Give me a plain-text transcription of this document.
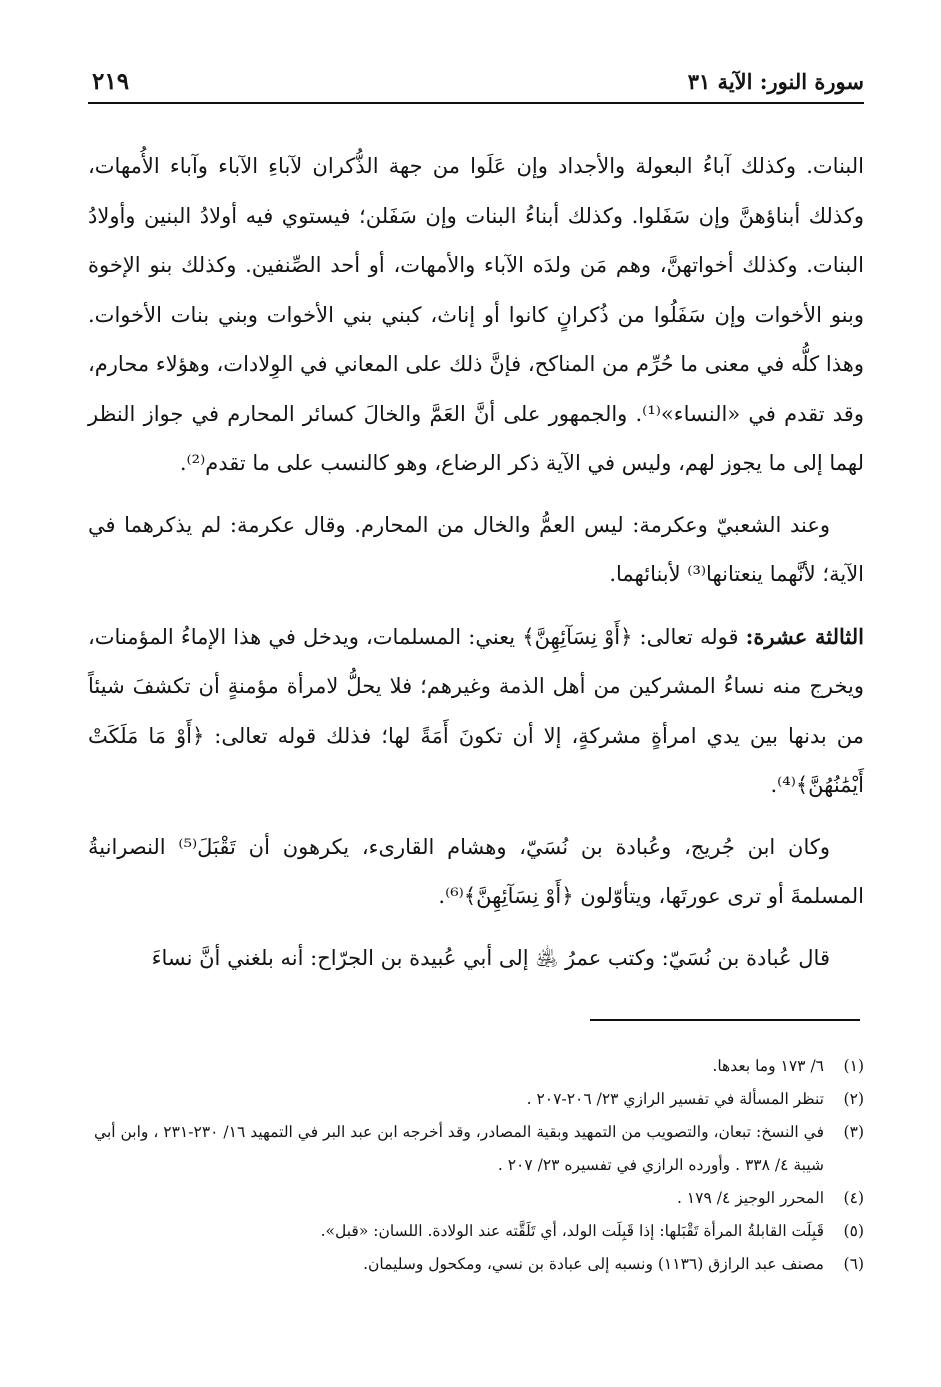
سورة النور: الآية ٣١
٢١٩

البنات. وكذلك آباءُ البعولة والأجداد وإن عَلَوا من جهة الذُّكران لآباءِ الآباء وآباء الأُمهات، وكذلك أبناؤهنَّ وإن سَفَلوا. وكذلك أبناءُ البنات وإن سَفَلن؛ فيستوي فيه أولادُ البنين وأولادُ البنات. وكذلك أخواتهنَّ، وهم مَن ولدَه الآباء والأمهات، أو أحد الصِّنفين. وكذلك بنو الإخوة وبنو الأخوات وإن سَفَلُوا من ذُكرانٍ كانوا أو إناث، كبني بني الأخوات وبني بنات الأخوات. وهذا كلُّه في معنى ما حُرِّم من المناكح، فإنَّ ذلك على المعاني في الوِلادات، وهؤلاء محارم، وقد تقدم في «النساء»⁽¹⁾. والجمهور على أنَّ العَمَّ والخالَ كسائر المحارم في جواز النظر لهما إلى ما يجوز لهم، وليس في الآية ذكر الرضاع، وهو كالنسب على ما تقدم⁽²⁾.

وعند الشعبيّ وعكرمة: ليس العمُّ والخال من المحارم. وقال عكرمة: لم يذكرهما في الآية؛ لأنَّهما ينعتانها⁽³⁾ لأبنائهما.

الثالثة عشرة: قوله تعالى: ﴿أَوْ نِسَآئِهِنَّ﴾ يعني: المسلمات، ويدخل في هذا الإماءُ المؤمنات، ويخرج منه نساءُ المشركين من أهل الذمة وغيرهم؛ فلا يحلُّ لامرأة مؤمنةٍ أن تكشفَ شيئاً من بدنها بين يدي امرأةٍ مشركةٍ، إلا أن تكونَ أَمَةً لها؛ فذلك قوله تعالى: ﴿أَوْ مَا مَلَكَتْ أَيْمَٰنُهُنَّ﴾⁽⁴⁾.

وكان ابن جُريج، وعُبادة بن نُسَيّ، وهشام القارىء، يكرهون أن تَقْبَلَ⁽⁵⁾ النصرانيةُ المسلمةَ أو ترى عورتَها، ويتأوّلون ﴿أَوْ نِسَآئِهِنَّ﴾⁽⁶⁾.

قال عُبادة بن نُسَيّ: وكتب عمرُ ﵁ إلى أبي عُبيدة بن الجرّاح: أنه بلغني أنَّ نساءَ

(١)
٦/ ١٧٣ وما بعدها.
(٢)
تنظر المسألة في تفسير الرازي ٢٣/ ٢٠٦-٢٠٧ .
(٣)
في النسخ: تبعان، والتصويب من التمهيد وبقية المصادر، وقد أخرجه ابن عبد البر في التمهيد ١٦/ ٢٣٠-٢٣١ ، وابن أبي شيبة ٤/ ٣٣٨ . وأورده الرازي في تفسيره ٢٣/ ٢٠٧ .
(٤)
المحرر الوجيز ٤/ ١٧٩ .
(٥)
قَبِلَت القابلةُ المرأة تَقْبَلها: إذا قَبِلَت الولد، أي تَلَقَّته عند الولادة. اللسان: «قبل».
(٦)
مصنف عبد الرازق (١١٣٦) ونسبه إلى عبادة بن نسي، ومكحول وسليمان.
